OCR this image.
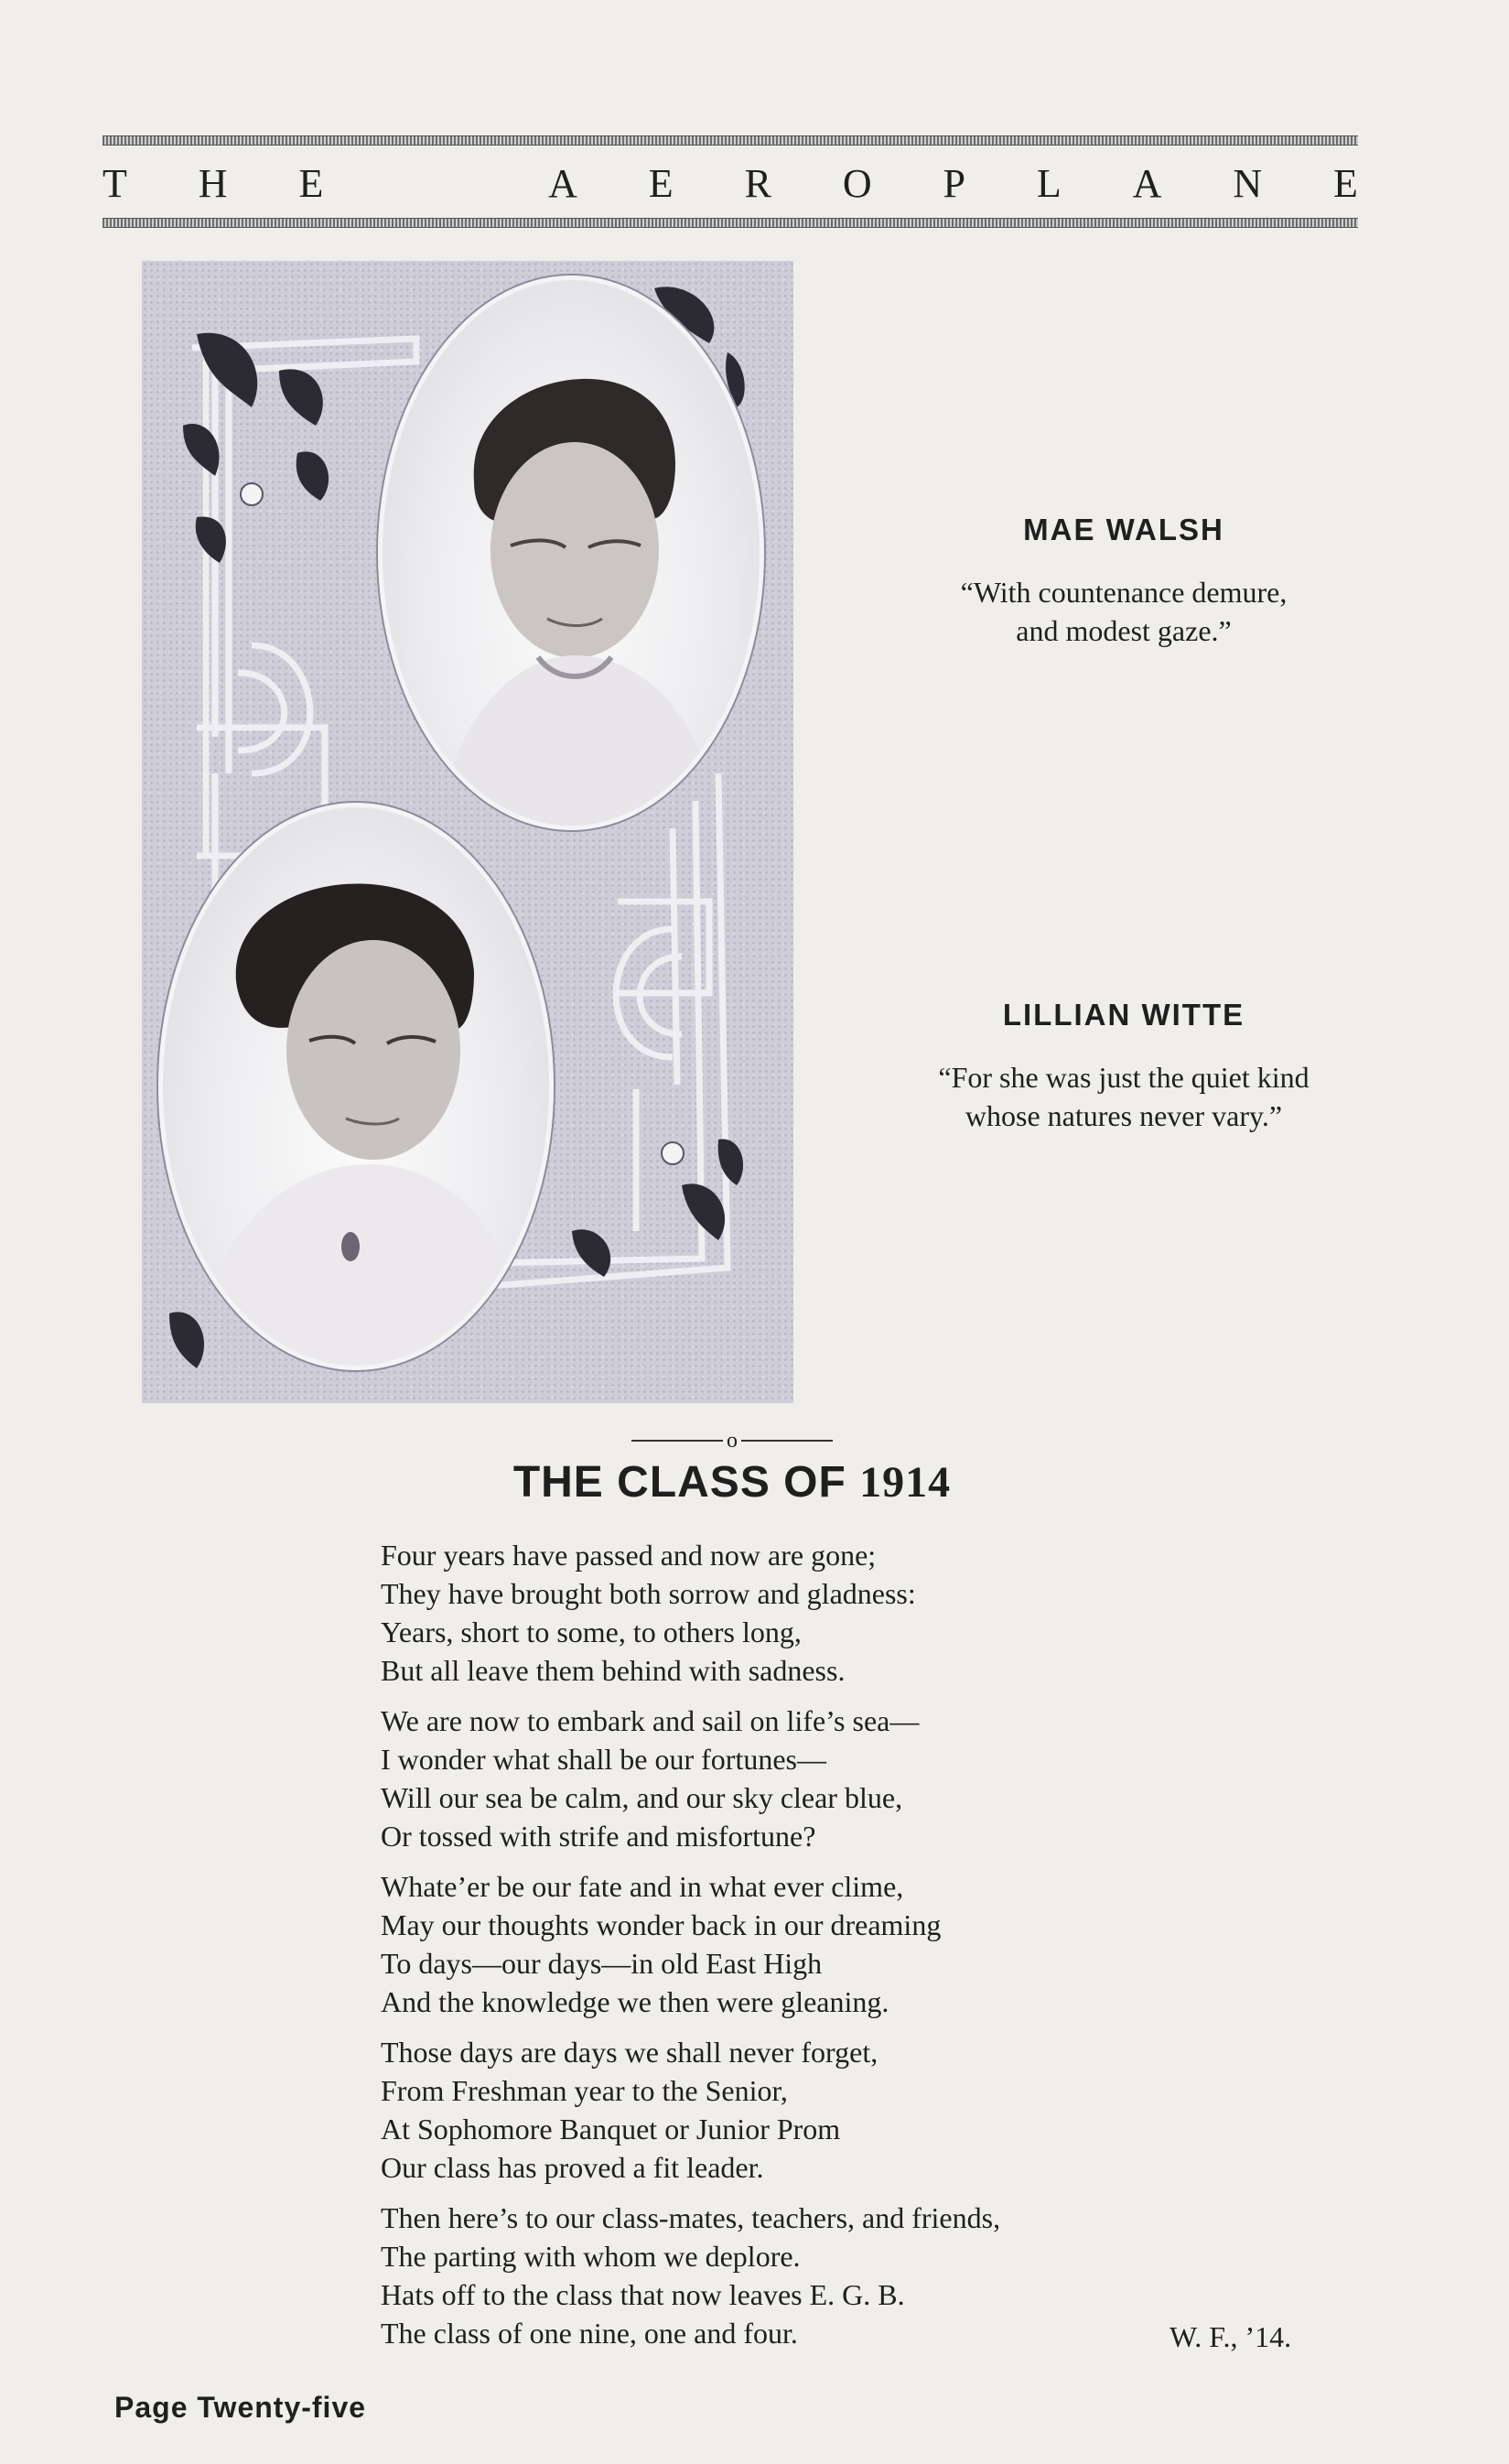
T H E	A E R O P L A N E
MAE WALSH
“With countenance demure,
and modest gaze.”
LILLIAN WITTE
“For she was just the quiet kind
whose natures never vary.”
o
THE CLASS OF 1914
Four years have passed and now are gone;
They have brought both sorrow and gladness:
Years, short to some, to others long,
But all leave them behind with sadness.
We are now to embark and sail on life’s sea—
I wonder what shall be our fortunes—
Will our sea be calm, and our sky clear blue,
Or tossed with strife and misfortune?
Whate’er be our fate and in what ever clime,
May our thoughts wonder back in our dreaming
To days—our days—in old East High
And the knowledge we then were gleaning.
Those days are days we shall never forget,
From Freshman year to the Senior,
At Sophomore Banquet or Junior Prom
Our class has proved a fit leader.
Then here’s to our class-mates, teachers, and friends,
The parting with whom we deplore.
Hats off to the class that now leaves E. G. B.
The class of one nine, one and four.	W. F., ’14.
Page Twenty-five
